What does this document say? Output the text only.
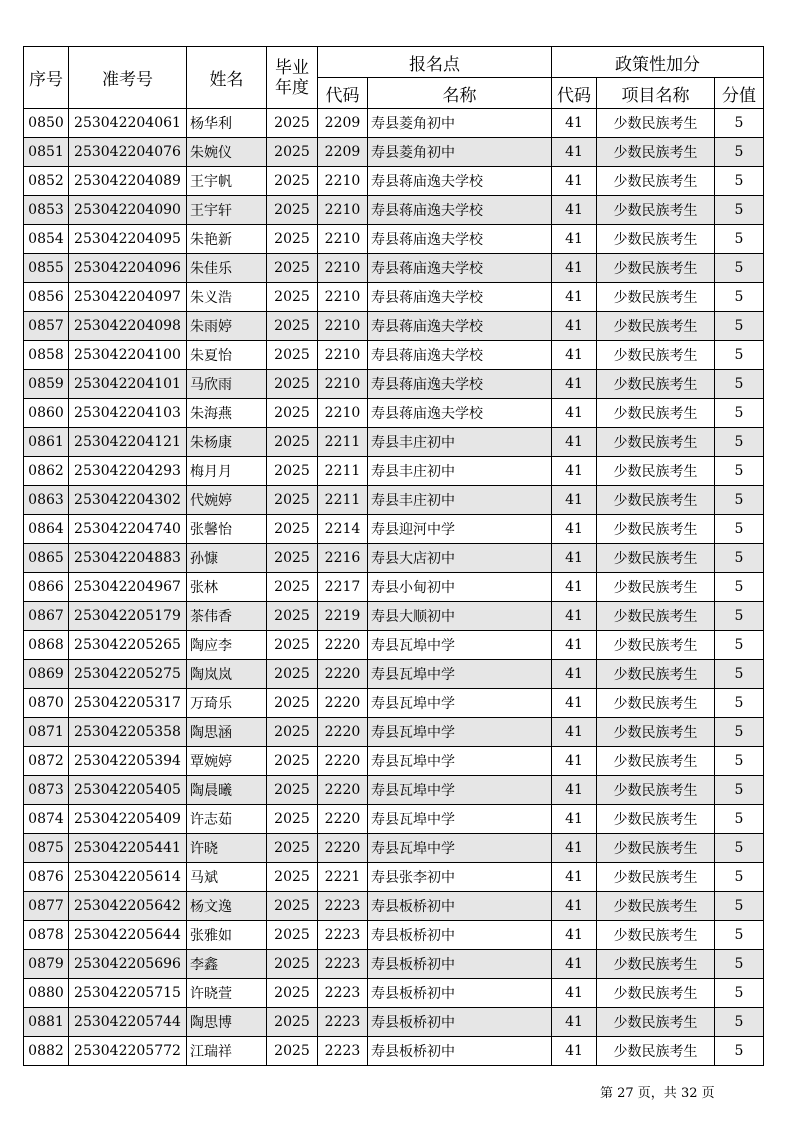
序号	准考号	姓名	毕业年度	报名点		政策性加分		
				代码	名称	代码	项目名称	分值
0850	253042204061	杨华利	2025	2209	寿县菱角初中	41	少数民族考生	5
0851	253042204076	朱婉仪	2025	2209	寿县菱角初中	41	少数民族考生	5
0852	253042204089	王宇帆	2025	2210	寿县蒋庙逸夫学校	41	少数民族考生	5
0853	253042204090	王宇轩	2025	2210	寿县蒋庙逸夫学校	41	少数民族考生	5
0854	253042204095	朱艳新	2025	2210	寿县蒋庙逸夫学校	41	少数民族考生	5
0855	253042204096	朱佳乐	2025	2210	寿县蒋庙逸夫学校	41	少数民族考生	5
0856	253042204097	朱义浩	2025	2210	寿县蒋庙逸夫学校	41	少数民族考生	5
0857	253042204098	朱雨婷	2025	2210	寿县蒋庙逸夫学校	41	少数民族考生	5
0858	253042204100	朱夏怡	2025	2210	寿县蒋庙逸夫学校	41	少数民族考生	5
0859	253042204101	马欣雨	2025	2210	寿县蒋庙逸夫学校	41	少数民族考生	5
0860	253042204103	朱海燕	2025	2210	寿县蒋庙逸夫学校	41	少数民族考生	5
0861	253042204121	朱杨康	2025	2211	寿县丰庄初中	41	少数民族考生	5
0862	253042204293	梅月月	2025	2211	寿县丰庄初中	41	少数民族考生	5
0863	253042204302	代婉婷	2025	2211	寿县丰庄初中	41	少数民族考生	5
0864	253042204740	张馨怡	2025	2214	寿县迎河中学	41	少数民族考生	5
0865	253042204883	孙慷	2025	2216	寿县大店初中	41	少数民族考生	5
0866	253042204967	张林	2025	2217	寿县小甸初中	41	少数民族考生	5
0867	253042205179	茶伟香	2025	2219	寿县大顺初中	41	少数民族考生	5
0868	253042205265	陶应李	2025	2220	寿县瓦埠中学	41	少数民族考生	5
0869	253042205275	陶岚岚	2025	2220	寿县瓦埠中学	41	少数民族考生	5
0870	253042205317	万琦乐	2025	2220	寿县瓦埠中学	41	少数民族考生	5
0871	253042205358	陶思涵	2025	2220	寿县瓦埠中学	41	少数民族考生	5
0872	253042205394	覃婉婷	2025	2220	寿县瓦埠中学	41	少数民族考生	5
0873	253042205405	陶晨曦	2025	2220	寿县瓦埠中学	41	少数民族考生	5
0874	253042205409	许志茹	2025	2220	寿县瓦埠中学	41	少数民族考生	5
0875	253042205441	许晓	2025	2220	寿县瓦埠中学	41	少数民族考生	5
0876	253042205614	马斌	2025	2221	寿县张李初中	41	少数民族考生	5
0877	253042205642	杨文逸	2025	2223	寿县板桥初中	41	少数民族考生	5
0878	253042205644	张雅如	2025	2223	寿县板桥初中	41	少数民族考生	5
0879	253042205696	李鑫	2025	2223	寿县板桥初中	41	少数民族考生	5
0880	253042205715	许晓萱	2025	2223	寿县板桥初中	41	少数民族考生	5
0881	253042205744	陶思博	2025	2223	寿县板桥初中	41	少数民族考生	5
0882	253042205772	江瑞祥	2025	2223	寿县板桥初中	41	少数民族考生	5
第 27 页，共 32 页
